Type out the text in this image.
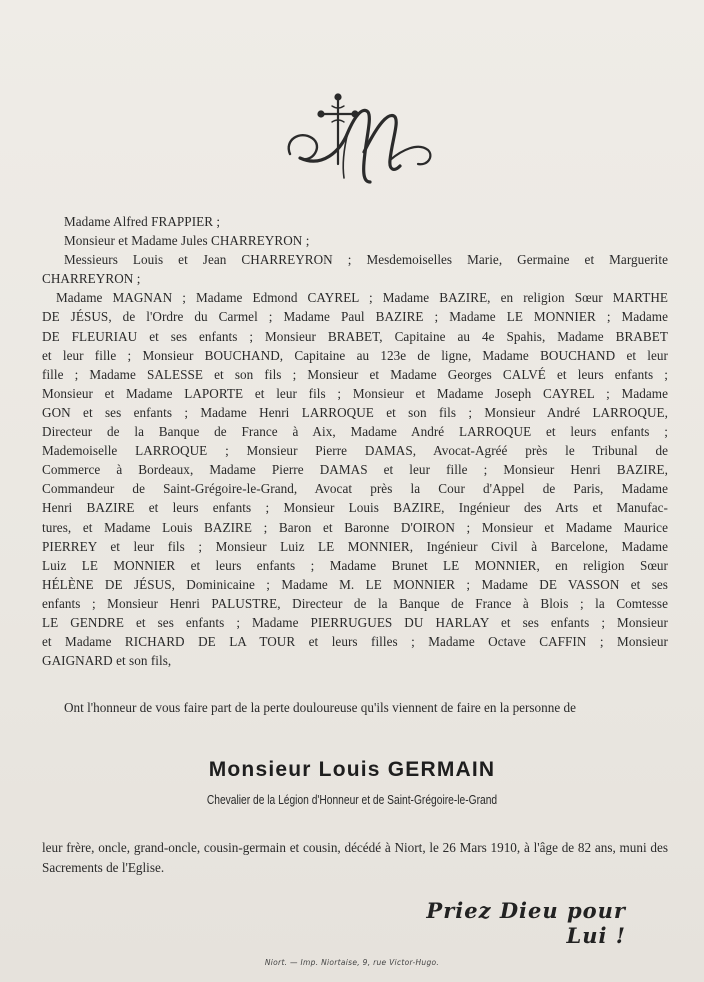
Madame Alfred FRAPPIER ;
Monsieur et Madame Jules CHARREYRON ;
Messieurs Louis et Jean CHARREYRON ; Mesdemoiselles Marie, Germaine et Marguerite
CHARREYRON ;
Madame MAGNAN ; Madame Edmond CAYREL ; Madame BAZIRE, en religion Sœur MARTHE
DE JÉSUS, de l'Ordre du Carmel ; Madame Paul BAZIRE ; Madame LE MONNIER ; Madame
DE FLEURIAU et ses enfants ; Monsieur BRABET, Capitaine au 4e Spahis, Madame BRABET
et leur fille ; Monsieur BOUCHAND, Capitaine au 123e de ligne, Madame BOUCHAND et leur
fille ; Madame SALESSE et son fils ; Monsieur et Madame Georges CALVÉ et leurs enfants ;
Monsieur et Madame LAPORTE et leur fils ; Monsieur et Madame Joseph CAYREL ; Madame
GON et ses enfants ; Madame Henri LARROQUE et son fils ; Monsieur André LARROQUE,
Directeur de la Banque de France à Aix, Madame André LARROQUE et leurs enfants ;
Mademoiselle LARROQUE ; Monsieur Pierre DAMAS, Avocat-Agréé près le Tribunal de
Commerce à Bordeaux, Madame Pierre DAMAS et leur fille ; Monsieur Henri BAZIRE,
Commandeur de Saint-Grégoire-le-Grand, Avocat près la Cour d'Appel de Paris, Madame
Henri BAZIRE et leurs enfants ; Monsieur Louis BAZIRE, Ingénieur des Arts et Manufac-
tures, et Madame Louis BAZIRE ; Baron et Baronne D'OIRON ; Monsieur et Madame Maurice
PIERREY et leur fils ; Monsieur Luiz LE MONNIER, Ingénieur Civil à Barcelone, Madame
Luiz LE MONNIER et leurs enfants ; Madame Brunet LE MONNIER, en religion Sœur
HÉLÈNE DE JÉSUS, Dominicaine ; Madame M. LE MONNIER ; Madame DE VASSON et ses
enfants ; Monsieur Henri PALUSTRE, Directeur de la Banque de France à Blois ; la Comtesse
LE GENDRE et ses enfants ; Madame PIERRUGUES DU HARLAY et ses enfants ; Monsieur
et Madame RICHARD DE LA TOUR et leurs filles ; Madame Octave CAFFIN ; Monsieur
GAIGNARD et son fils,
Ont l'honneur de vous faire part de la perte douloureuse qu'ils viennent de faire en la personne de
Monsieur Louis GERMAIN
Chevalier de la Légion d'Honneur et de Saint-Grégoire-le-Grand
leur frère, oncle, grand-oncle, cousin-germain et cousin, décédé à Niort, le 26 Mars 1910, à l'âge de 82 ans, muni des Sacrements de l'Eglise.
Priez Dieu pour Lui !
Niort. — Imp. Niortaise, 9, rue Victor-Hugo.
